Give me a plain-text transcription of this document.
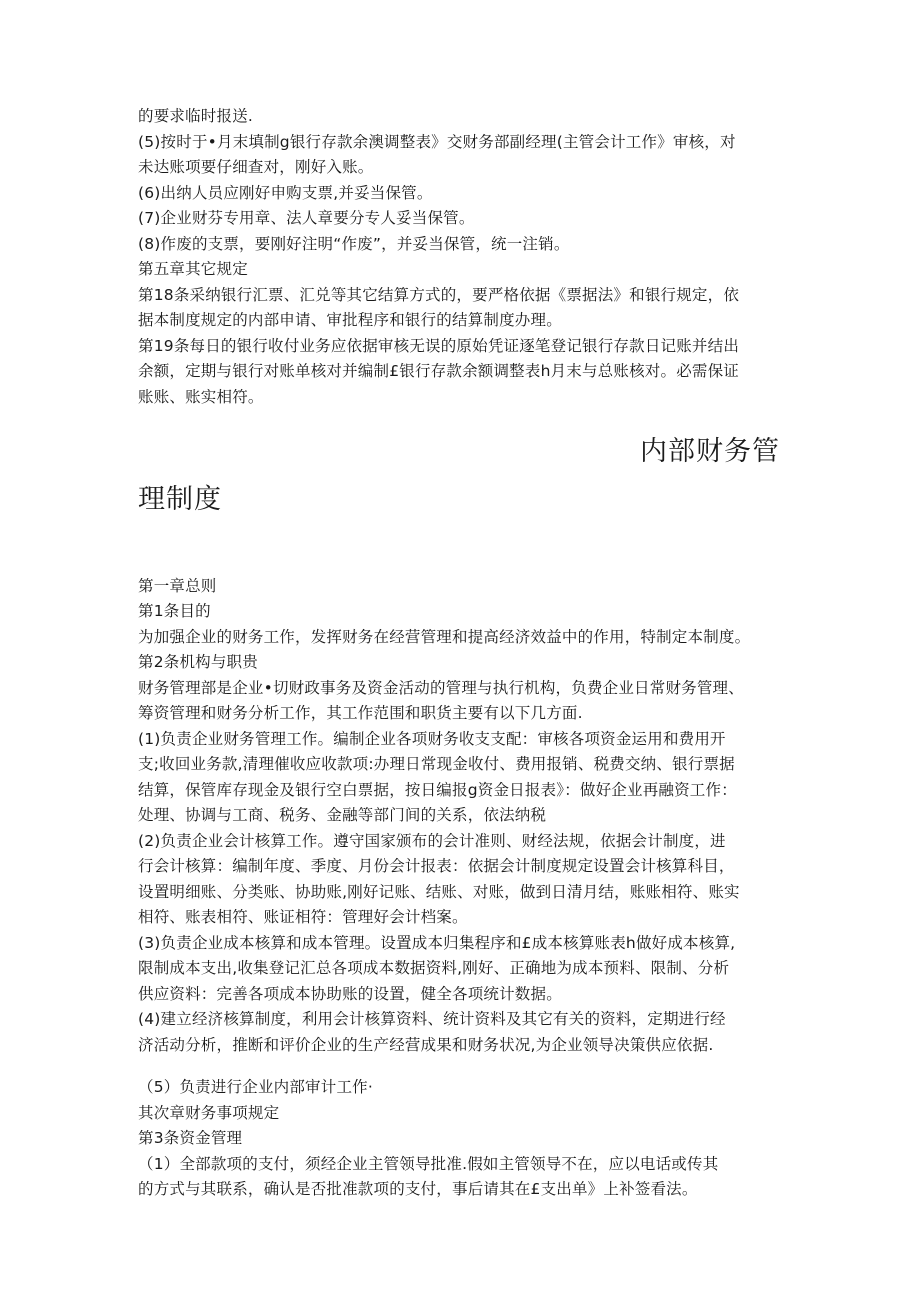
的要求临时报送.
(5)按时于•月末填制g银行存款余澳调整表》交财务部副经理(主管会计工作》审核，对
未达账项要仔细查对，刚好入账。
(6)出纳人员应刚好申购支票,并妥当保管。
(7)企业财芬专用章、法人章要分专人妥当保管。
(8)作废的支票，要刚好注明“作废”，并妥当保管，统一注销。
第五章其它规定
第18条采纳银行汇票、汇兑等其它结算方式的，要严格依据《票据法》和银行规定，依
据本制度规定的内部申请、审批程序和银行的结算制度办理。
第19条每日的银行收付业务应依据审核无误的原始凭证逐笔登记银行存款日记账并结出
余额，定期与银行对账单核对并编制£银行存款余额调整表h月末与总账核对。必需保证
账账、账实相符。
内部财务管
理制度
第一章总则
第1条目的
为加强企业的财务工作，发挥财务在经营管理和提高经济效益中的作用，特制定本制度。
第2条机构与职贵
财务管理部是企业•切财政事务及资金活动的管理与执行机构，负费企业日常财务管理、
筹资管理和财务分析工作，其工作范围和职货主要有以下几方面.
(1)负责企业财务管理工作。编制企业各项财务收支支配：审核各项资金运用和费用开
支;收回业务款,清理催收应收款项:办理日常现金收付、费用报销、税费交纳、银行票据
结算，保管库存现金及银行空白票据，按日编报g资金日报表》：做好企业再融资工作：
处理、协调与工商、税务、金融等部门间的关系，依法纳税
(2)负责企业会计核算工作。遵守国家颁布的会计准则、财经法规，依据会计制度，进
行会计核算：编制年度、季度、月份会计报表：依据会计制度规定设置会计核算科目，
设置明细账、分类账、协助账,刚好记账、结账、对账，做到日清月结，账账相符、账实
相符、账表相符、账证相符：管理好会计档案。
(3)负责企业成本核算和成本管理。设置成本归集程序和£成本核算账表h做好成本核算,
限制成本支出,收集登记汇总各项成本数据资料,刚好、正确地为成本预料、限制、分析
供应资料：完善各项成本协助账的设置，健全各项统计数据。
(4)建立经济核算制度，利用会计核算资料、统计资料及其它有关的资料，定期进行经
济活动分析，推断和评价企业的生产经营成果和财务状况,为企业领导决策供应依据.
（5）负责进行企业内部审计工作·
其次章财务事项规定
第3条资金管理
（1）全部款项的支付，须经企业主管领导批准.假如主管领导不在，应以电话或传其
的方式与其联系，确认是否批准款项的支付，事后请其在£支出单》上补签看法。
